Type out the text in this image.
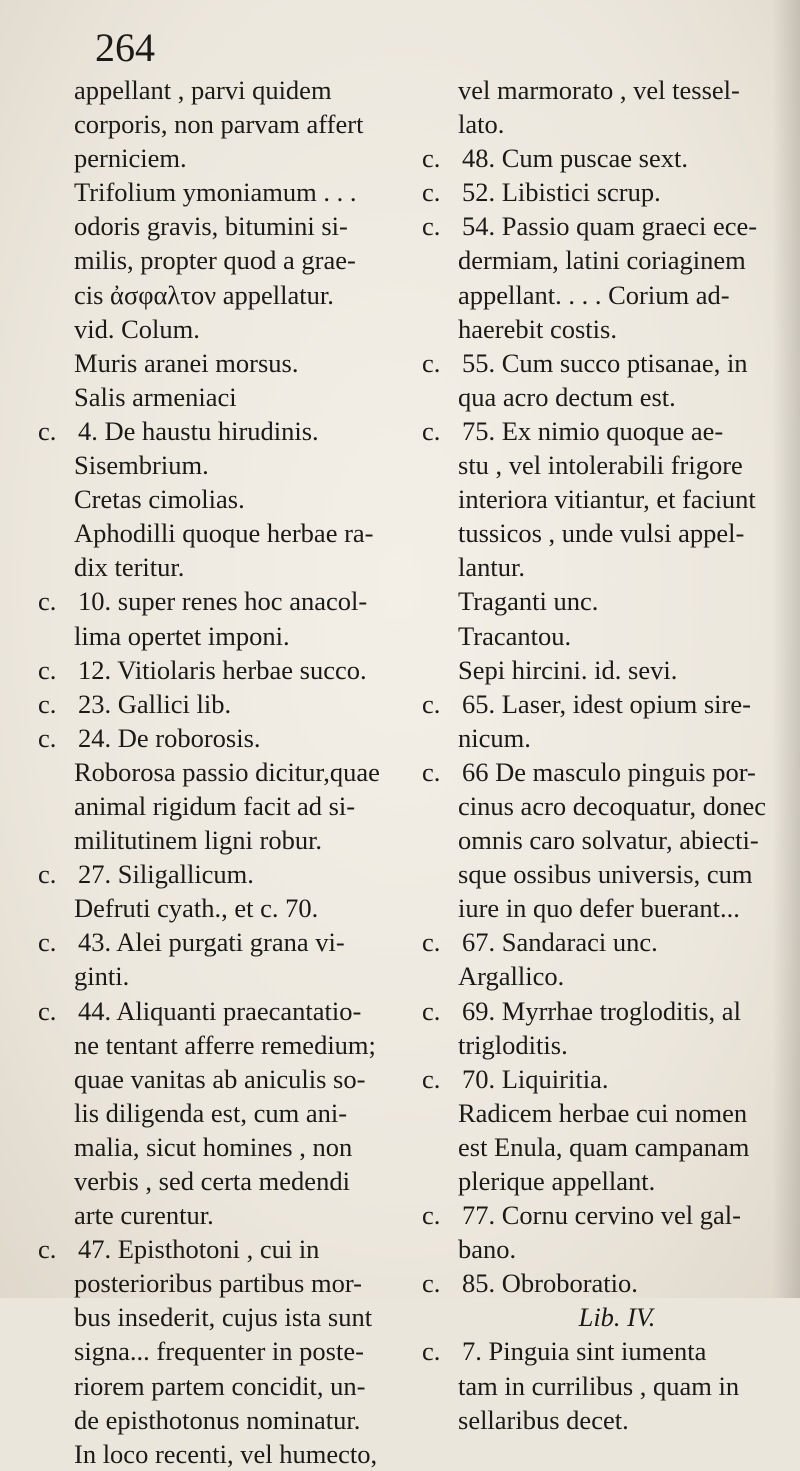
264
appellant , parvi quidem
corporis, non parvam affert
perniciem.
Trifolium ymoniamum . . .
odoris gravis, bitumini si-
milis, propter quod a grae-
cis ἀσφαλτον appellatur.
vid. Colum.
Muris aranei morsus.
Salis armeniaci
c. 4. De haustu hirudinis.
Sisembrium.
Cretas cimolias.
Aphodilli quoque herbae ra-
dix teritur.
c. 10. super renes hoc anacol-
lima opertet imponi.
c. 12. Vitiolaris herbae succo.
c. 23. Gallici lib.
c. 24. De roborosis.
Roborosa passio dicitur,quae
animal rigidum facit ad si-
militutinem ligni robur.
c. 27. Siligallicum.
Defruti cyath., et c. 70.
c. 43. Alei purgati grana vi-
ginti.
c. 44. Aliquanti praecantatio-
ne tentant afferre remedium;
quae vanitas ab aniculis so-
lis diligenda est, cum ani-
malia, sicut homines , non
verbis , sed certa medendi
arte curentur.
c. 47. Episthotoni , cui in
posterioribus partibus mor-
bus insederit, cujus ista sunt
signa... frequenter in poste-
riorem partem concidit, un-
de episthotonus nominatur.
In loco recenti, vel humecto,
vel marmorato , vel tessel-
lato.
c. 48. Cum puscae sext.
c. 52. Libistici scrup.
c. 54. Passio quam graeci ece-
dermiam, latini coriaginem
appellant. . . . Corium ad-
haerebit costis.
c. 55. Cum succo ptisanae, in
qua acro dectum est.
c. 75. Ex nimio quoque ae-
stu , vel intolerabili frigore
interiora vitiantur, et faciunt
tussicos , unde vulsi appel-
lantur.
Traganti unc.
Tracantou.
Sepi hircini. id. sevi.
c. 65. Laser, idest opium sire-
nicum.
c. 66 De masculo pinguis por-
cinus acro decoquatur, donec
omnis caro solvatur, abiecti-
sque ossibus universis, cum
iure in quo defer buerant...
c. 67. Sandaraci unc.
Argallico.
c. 69. Myrrhae trogloditis, al
trigloditis.
c. 70. Liquiritia.
Radicem herbae cui nomen
est Enula, quam campanam
plerique appellant.
c. 77. Cornu cervino vel gal-
bano.
c. 85. Obroboratio.
Lib. IV.
c. 7. Pinguia sint iumenta
tam in currilibus , quam in
sellaribus decet.
